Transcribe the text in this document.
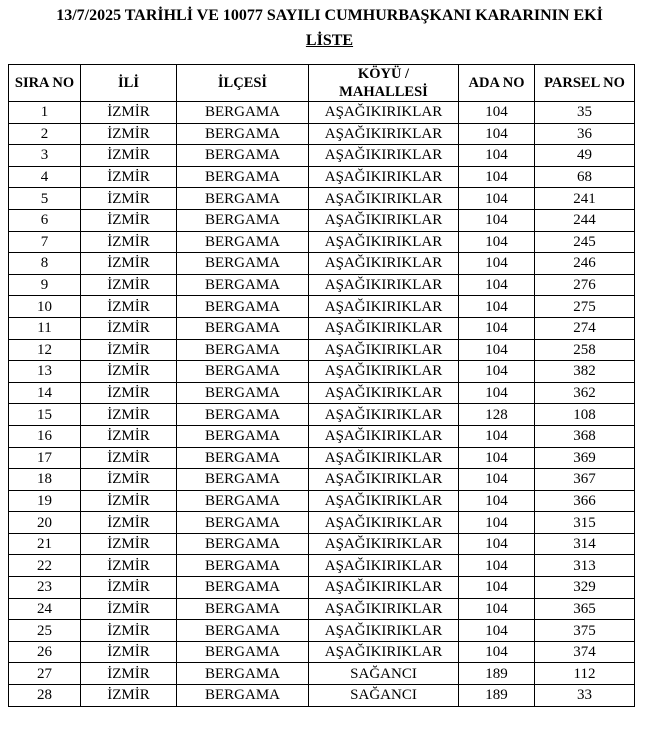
13/7/2025 TARİHLİ VE 10077 SAYILI CUMHURBAŞKANI KARARININ EKİ
LİSTE
SIRA NO	İLİ	İLÇESİ	KÖYÜ /
MAHALLESİ	ADA NO	PARSEL NO
1	İZMİR	BERGAMA	AŞAĞIKIRIKLAR	104	35
2	İZMİR	BERGAMA	AŞAĞIKIRIKLAR	104	36
3	İZMİR	BERGAMA	AŞAĞIKIRIKLAR	104	49
4	İZMİR	BERGAMA	AŞAĞIKIRIKLAR	104	68
5	İZMİR	BERGAMA	AŞAĞIKIRIKLAR	104	241
6	İZMİR	BERGAMA	AŞAĞIKIRIKLAR	104	244
7	İZMİR	BERGAMA	AŞAĞIKIRIKLAR	104	245
8	İZMİR	BERGAMA	AŞAĞIKIRIKLAR	104	246
9	İZMİR	BERGAMA	AŞAĞIKIRIKLAR	104	276
10	İZMİR	BERGAMA	AŞAĞIKIRIKLAR	104	275
11	İZMİR	BERGAMA	AŞAĞIKIRIKLAR	104	274
12	İZMİR	BERGAMA	AŞAĞIKIRIKLAR	104	258
13	İZMİR	BERGAMA	AŞAĞIKIRIKLAR	104	382
14	İZMİR	BERGAMA	AŞAĞIKIRIKLAR	104	362
15	İZMİR	BERGAMA	AŞAĞIKIRIKLAR	128	108
16	İZMİR	BERGAMA	AŞAĞIKIRIKLAR	104	368
17	İZMİR	BERGAMA	AŞAĞIKIRIKLAR	104	369
18	İZMİR	BERGAMA	AŞAĞIKIRIKLAR	104	367
19	İZMİR	BERGAMA	AŞAĞIKIRIKLAR	104	366
20	İZMİR	BERGAMA	AŞAĞIKIRIKLAR	104	315
21	İZMİR	BERGAMA	AŞAĞIKIRIKLAR	104	314
22	İZMİR	BERGAMA	AŞAĞIKIRIKLAR	104	313
23	İZMİR	BERGAMA	AŞAĞIKIRIKLAR	104	329
24	İZMİR	BERGAMA	AŞAĞIKIRIKLAR	104	365
25	İZMİR	BERGAMA	AŞAĞIKIRIKLAR	104	375
26	İZMİR	BERGAMA	AŞAĞIKIRIKLAR	104	374
27	İZMİR	BERGAMA	SAĞANCI	189	112
28	İZMİR	BERGAMA	SAĞANCI	189	33
